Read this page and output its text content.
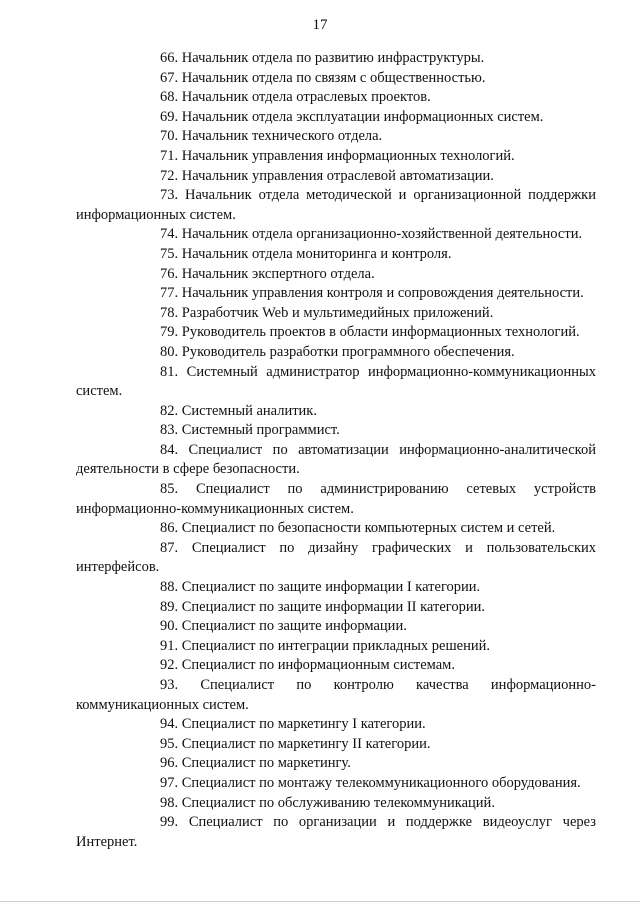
17

66. Начальник отдела по развитию инфраструктуры.

67. Начальник отдела по связям с общественностью.

68. Начальник отдела отраслевых проектов.

69. Начальник отдела эксплуатации информационных систем.

70. Начальник технического отдела.

71. Начальник управления информационных технологий.

72. Начальник управления отраслевой автоматизации.

73. Начальник отдела методической и организационной поддержки информационных систем.

74. Начальник отдела организационно-хозяйственной деятельности.

75. Начальник отдела мониторинга и контроля.

76. Начальник экспертного отдела.

77. Начальник управления контроля и сопровождения деятельности.

78. Разработчик Web и мультимедийных приложений.

79. Руководитель проектов в области информационных технологий.

80. Руководитель разработки программного обеспечения.

81. Системный администратор информационно-коммуникационных систем.

82. Системный аналитик.

83. Системный программист.

84. Специалист по автоматизации информационно-аналитической деятельности в сфере безопасности.

85. Специалист по администрированию сетевых устройств информационно-коммуникационных систем.

86. Специалист по безопасности компьютерных систем и сетей.

87. Специалист по дизайну графических и пользовательских интерфейсов.

88. Специалист по защите информации I категории.

89. Специалист по защите информации II категории.

90. Специалист по защите информации.

91. Специалист по интеграции прикладных решений.

92. Специалист по информационным системам.

93. Специалист по контролю качества информационно-коммуникационных систем.

94. Специалист по маркетингу I категории.

95. Специалист по маркетингу II категории.

96. Специалист по маркетингу.

97. Специалист по монтажу телекоммуникационного оборудования.

98. Специалист по обслуживанию телекоммуникаций.

99. Специалист по организации и поддержке видеоуслуг через Интернет.
